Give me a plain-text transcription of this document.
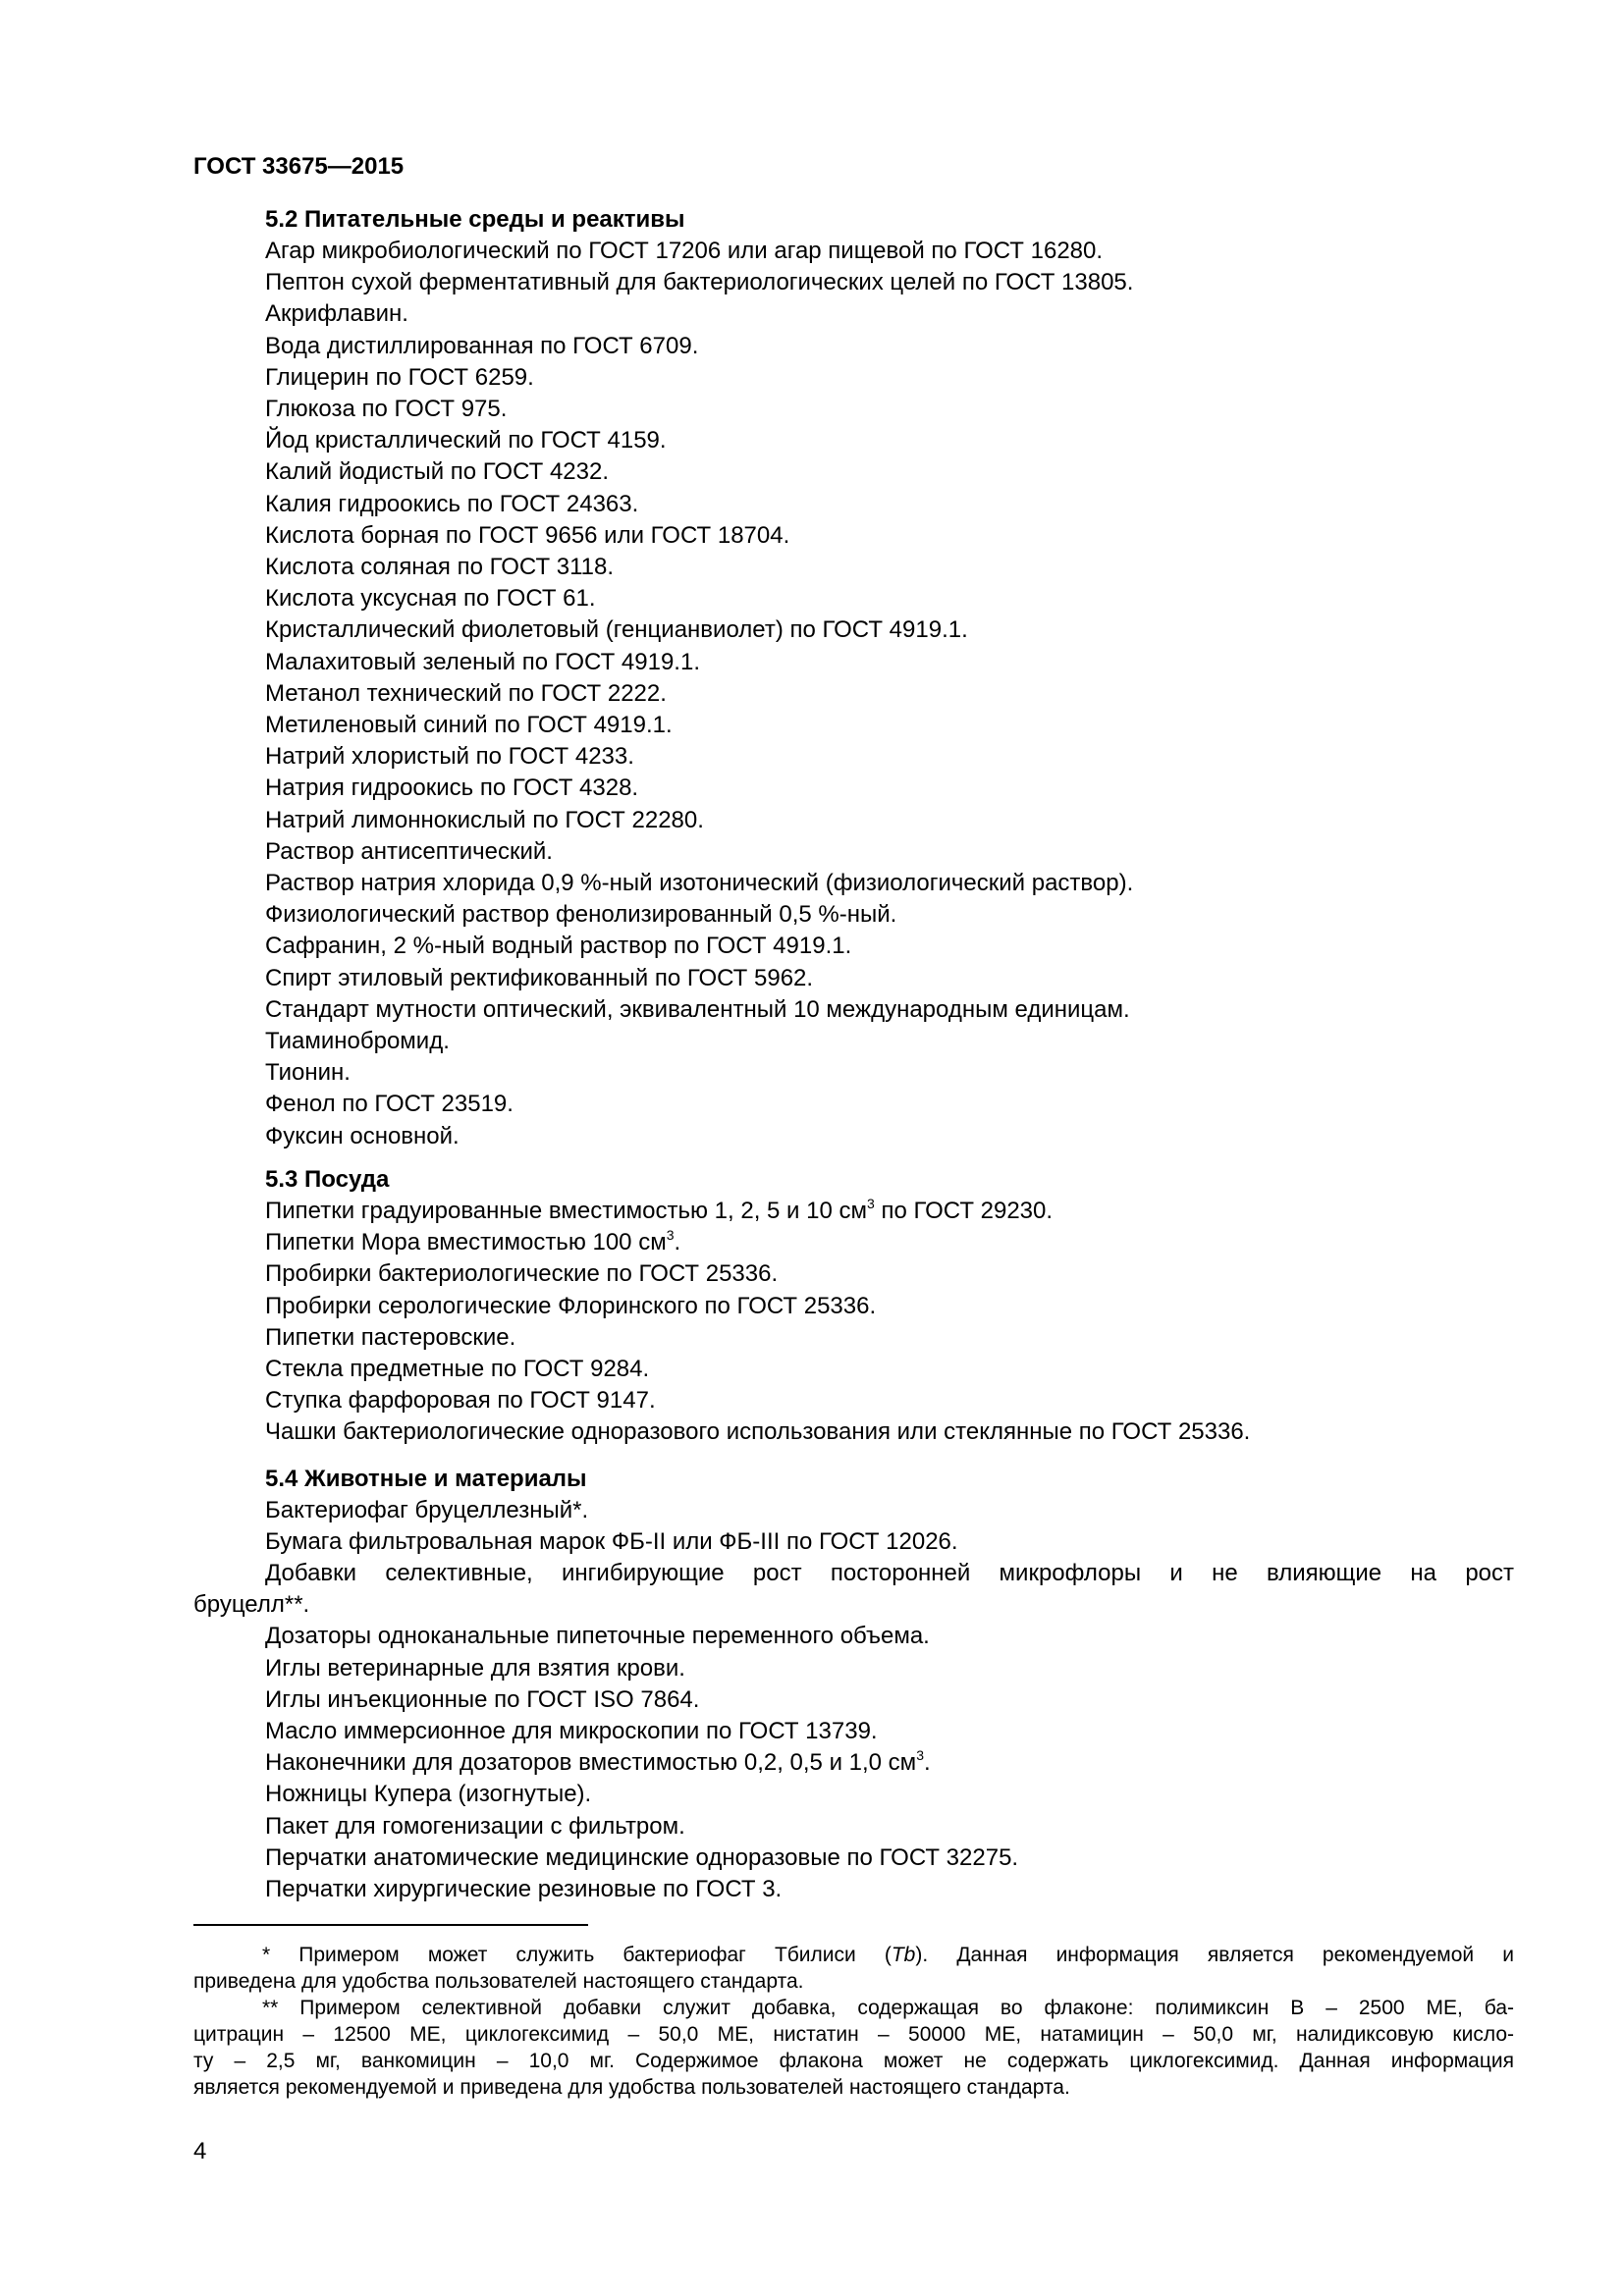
ГОСТ 33675—2015
5.2 Питательные среды и реактивы
Агар микробиологический по ГОСТ 17206 или агар пищевой по ГОСТ 16280.
Пептон сухой ферментативный для бактериологических целей по ГОСТ 13805.
Акрифлавин.
Вода дистиллированная по ГОСТ 6709.
Глицерин по ГОСТ 6259.
Глюкоза по ГОСТ 975.
Йод кристаллический по ГОСТ 4159.
Калий йодистый по ГОСТ 4232.
Калия гидроокись по ГОСТ 24363.
Кислота борная по ГОСТ 9656 или ГОСТ 18704.
Кислота соляная по ГОСТ 3118.
Кислота уксусная по ГОСТ 61.
Кристаллический фиолетовый (генцианвиолет) по ГОСТ 4919.1.
Малахитовый зеленый по ГОСТ 4919.1.
Метанол технический по ГОСТ 2222.
Метиленовый синий по ГОСТ 4919.1.
Натрий хлористый по ГОСТ 4233.
Натрия гидроокись по ГОСТ 4328.
Натрий лимоннокислый по ГОСТ 22280.
Раствор антисептический.
Раствор натрия хлорида 0,9 %-ный изотонический (физиологический раствор).
Физиологический раствор фенолизированный 0,5 %-ный.
Сафранин, 2 %-ный водный раствор по ГОСТ 4919.1.
Спирт этиловый ректификованный по ГОСТ 5962.
Стандарт мутности оптический, эквивалентный 10 международным единицам.
Тиаминобромид.
Тионин.
Фенол по ГОСТ 23519.
Фуксин основной.
5.3 Посуда
Пипетки градуированные вместимостью 1, 2, 5 и 10 $см^3$ по ГОСТ 29230.
Пипетки Мора вместимостью 100 $см^3$.
Пробирки бактериологические по ГОСТ 25336.
Пробирки серологические Флоринского по ГОСТ 25336.
Пипетки пастеровские.
Стекла предметные по ГОСТ 9284.
Ступка фарфоровая по ГОСТ 9147.
Чашки бактериологические одноразового использования или стеклянные по ГОСТ 25336.
5.4 Животные и материалы
Бактериофаг бруцеллезный*.
Бумага фильтровальная марок ФБ-II или ФБ-III по ГОСТ 12026.
Добавки селективные, ингибирующие рост посторонней микрофлоры и не влияющие на рост
бруцелл**.
Дозаторы одноканальные пипеточные переменного объема.
Иглы ветеринарные для взятия крови.
Иглы инъекционные по ГОСТ ISO 7864.
Масло иммерсионное для микроскопии по ГОСТ 13739.
Наконечники для дозаторов вместимостью 0,2, 0,5 и 1,0 $см^3$.
Ножницы Купера (изогнутые).
Пакет для гомогенизации с фильтром.
Перчатки анатомические медицинские одноразовые по ГОСТ 32275.
Перчатки хирургические резиновые по ГОСТ 3.
* Примером может служить бактериофаг Тбилиси (Tb). Данная информация является рекомендуемой и
приведена для удобства пользователей настоящего стандарта.
** Примером селективной добавки служит добавка, содержащая во флаконе: полимиксин В – 2500 МЕ, ба-
цитрацин – 12500 МЕ, циклогексимид – 50,0 МЕ, нистатин – 50000 МЕ, натамицин – 50,0 мг, налидиксовую кисло-
ту – 2,5 мг, ванкомицин – 10,0 мг. Содержимое флакона может не содержать циклогексимид. Данная информация
является рекомендуемой и приведена для удобства пользователей настоящего стандарта.
4
